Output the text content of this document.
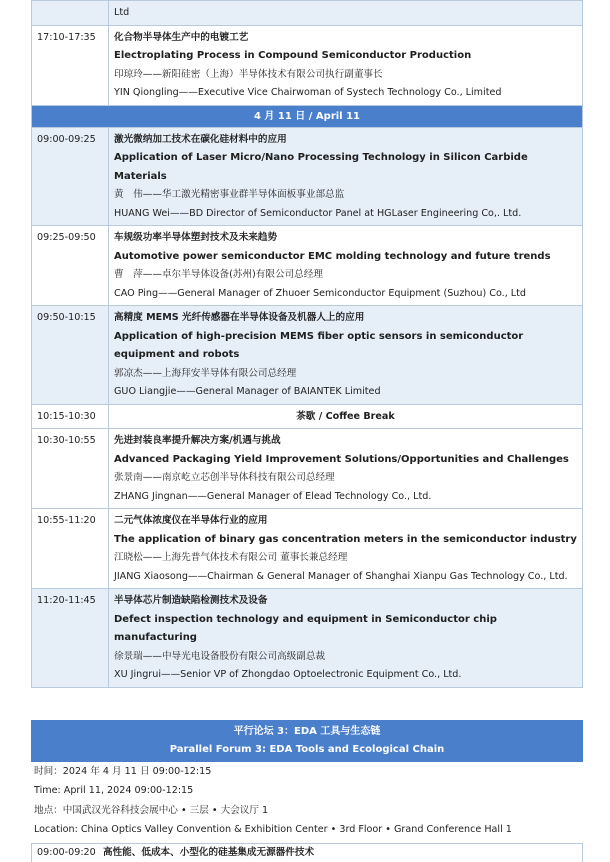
	Ltd
17:10-17:35	化合物半导体生产中的电镀工艺
Electroplating Process in Compound Semiconductor Production
印琼玲——新阳硅密（上海）半导体技术有限公司执行副董事长
YIN Qiongling——Executive Vice Chairwoman of Systech Technology Co., Limited

4 月 11 日 / April 11	
09:00-09:25	激光微纳加工技术在碳化硅材料中的应用
Application of Laser Micro/Nano Processing Technology in Silicon Carbide Materials
黄　伟——华工激光精密事业群半导体面板事业部总监
HUANG Wei——BD Director of Semiconductor Panel at HGLaser Engineering Co,. Ltd.

09:25-09:50	车规级功率半导体塑封技术及未来趋势
Automotive power semiconductor EMC molding technology and future trends
曹　萍——卓尔半导体设备(苏州)有限公司总经理
CAO Ping——General Manager of Zhuoer Semiconductor Equipment (Suzhou) Co., Ltd

09:50-10:15	高精度 MEMS 光纤传感器在半导体设备及机器人上的应用
Application of high-precision MEMS fiber optic sensors in semiconductor equipment and robots
郭凉杰——上海拜安半导体有限公司总经理
GUO Liangjie——General Manager of BAIANTEK Limited

10:15-10:30	茶歇 / Coffee Break
10:30-10:55	先进封装良率提升解决方案/机遇与挑战
Advanced Packaging Yield Improvement Solutions/Opportunities and Challenges
张景南——南京屹立芯创半导体科技有限公司总经理
ZHANG Jingnan——General Manager of Elead Technology Co., Ltd.

10:55-11:20	二元气体浓度仪在半导体行业的应用
The application of binary gas concentration meters in the semiconductor industry
江晓松——上海先普气体技术有限公司 董事长兼总经理
JIANG Xiaosong——Chairman & General Manager of Shanghai Xianpu Gas Technology Co., Ltd.

11:20-11:45	半导体芯片制造缺陷检测技术及设备
Defect inspection technology and equipment in Semiconductor chip manufacturing
徐景瑞——中导光电设备股份有限公司高级副总裁
XU Jingrui——Senior VP of Zhongdao Optoelectronic Equipment Co., Ltd.
平行论坛 3：EDA 工具与生态链
Parallel Forum 3: EDA Tools and Ecological Chain
时间：2024 年 4 月 11 日 09:00-12:15
Time: April 11, 2024 09:00-12:15
地点：中国武汉光谷科技会展中心 • 三层 • 大会议厅 1
Location: China Optics Valley Convention & Exhibition Center • 3rd Floor • Grand Conference Hall 1
09:00-09:20 高性能、低成本、小型化的硅基集成无源器件技术
